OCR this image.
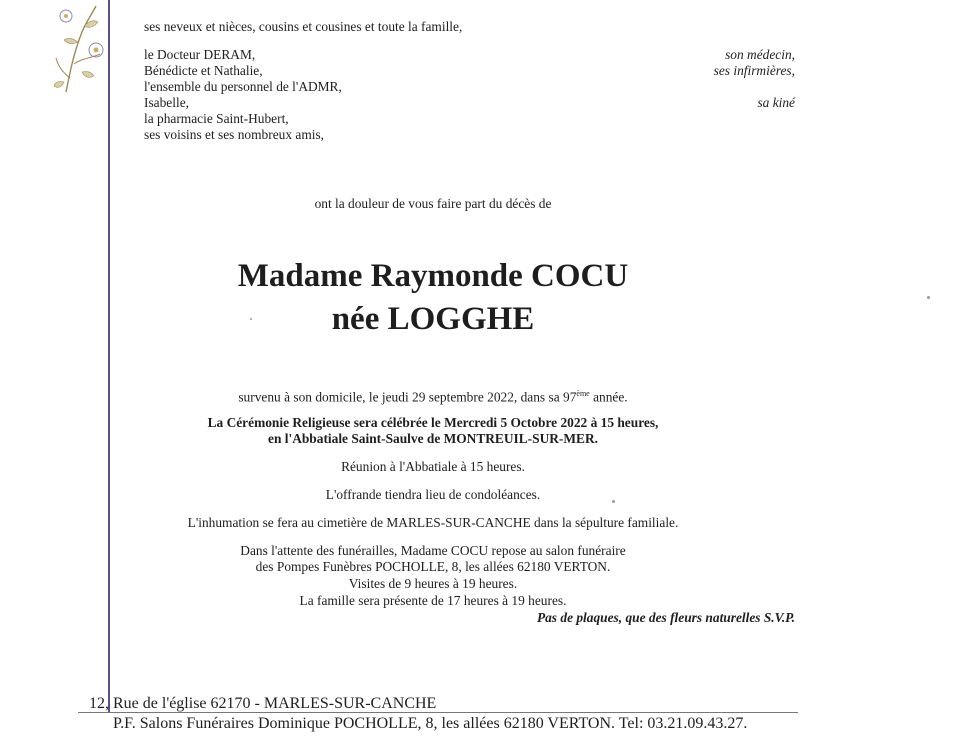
ses neveux et nièces, cousins et cousines et toute la famille,
le Docteur DERAM,
Bénédicte et Nathalie,
l'ensemble du personnel de l'ADMR,
Isabelle,
la pharmacie Saint-Hubert,
ses voisins et ses nombreux amis,
son médecin,
ses infirmières,
sa kiné
ont la douleur de vous faire part du décès de
Madame Raymonde COCU
née LOGGHE
survenu à son domicile, le jeudi 29 septembre 2022, dans sa 97ème année.
La Cérémonie Religieuse sera célébrée le Mercredi 5 Octobre 2022 à 15 heures,
en l'Abbatiale Saint-Saulve de MONTREUIL-SUR-MER.
Réunion à l'Abbatiale à 15 heures.
L'offrande tiendra lieu de condoléances.
L'inhumation se fera au cimetière de MARLES-SUR-CANCHE dans la sépulture familiale.
Dans l'attente des funérailles, Madame COCU repose au salon funéraire
des Pompes Funèbres POCHOLLE, 8, les allées 62180 VERTON.
Visites de 9 heures à 19 heures.
La famille sera présente de 17 heures à 19 heures.
Pas de plaques, que des fleurs naturelles S.V.P.
12, Rue de l'église 62170 - MARLES-SUR-CANCHE
P.F. Salons Funéraires Dominique POCHOLLE, 8, les allées 62180 VERTON. Tel: 03.21.09.43.27.
